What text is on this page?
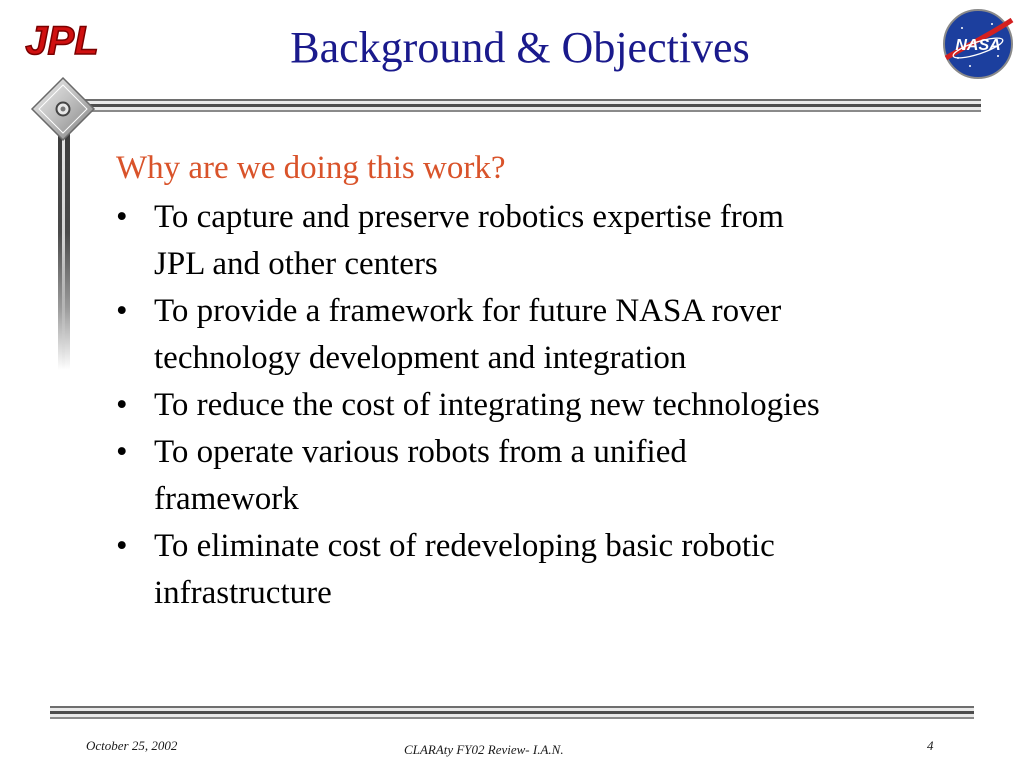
JPL	Background & Objectives	NASA
Why are we doing this work?
• To capture and preserve robotics expertise from
JPL and other centers
• To provide a framework for future NASA rover
technology development and integration
• To reduce the cost of integrating new technologies
• To operate various robots from a unified
framework
• To eliminate cost of redeveloping basic robotic
infrastructure
October 25, 2002	CLARAty FY02 Review- I.A.N.	4
